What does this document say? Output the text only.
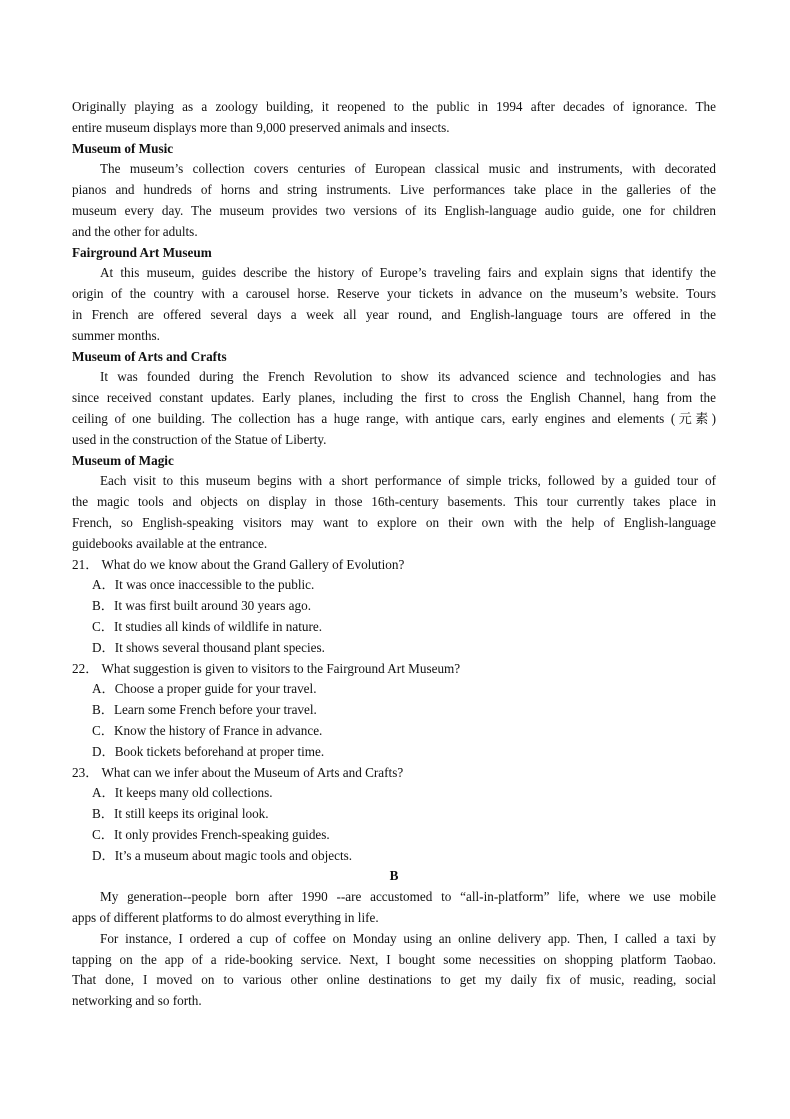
Originally playing as a zoology building, it reopened to the public in 1994 after decades of ignorance. The
entire museum displays more than 9,000 preserved animals and insects.
Museum of Music
The museum’s collection covers centuries of European classical music and instruments, with decorated
pianos and hundreds of horns and string instruments. Live performances take place in the galleries of the
museum every day. The museum provides two versions of its English-language audio guide, one for children
and the other for adults.
Fairground Art Museum
At this museum, guides describe the history of Europe’s traveling fairs and explain signs that identify the
origin of the country with a carousel horse. Reserve your tickets in advance on the museum’s website. Tours
in French are offered several days a week all year round, and English-language tours are offered in the
summer months.
Museum of Arts and Crafts
It was founded during the French Revolution to show its advanced science and technologies and has
since received constant updates. Early planes, including the first to cross the English Channel, hang from the
ceiling of one building. The collection has a huge range, with antique cars, early engines and elements (元素)
used in the construction of the Statue of Liberty.
Museum of Magic
Each visit to this museum begins with a short performance of simple tricks, followed by a guided tour of
the magic tools and objects on display in those 16th-century basements. This tour currently takes place in
French, so English-speaking visitors may want to explore on their own with the help of English-language
guidebooks available at the entrance.
21． What do we know about the Grand Gallery of Evolution?
A．It was once inaccessible to the public.
B．It was first built around 30 years ago.
C．It studies all kinds of wildlife in nature.
D．It shows several thousand plant species.
22． What suggestion is given to visitors to the Fairground Art Museum?
A．Choose a proper guide for your travel.
B．Learn some French before your travel.
C．Know the history of France in advance.
D．Book tickets beforehand at proper time.
23． What can we infer about the Museum of Arts and Crafts?
A．It keeps many old collections.
B．It still keeps its original look.
C．It only provides French-speaking guides.
D．It’s a museum about magic tools and objects.
B
My generation--people born after 1990 --are accustomed to “all-in-platform” life, where we use mobile
apps of different platforms to do almost everything in life.
For instance, I ordered a cup of coffee on Monday using an online delivery app. Then, I called a taxi by
tapping on the app of a ride-booking service. Next, I bought some necessities on shopping platform Taobao.
That done, I moved on to various other online destinations to get my daily fix of music, reading, social
networking and so forth.
